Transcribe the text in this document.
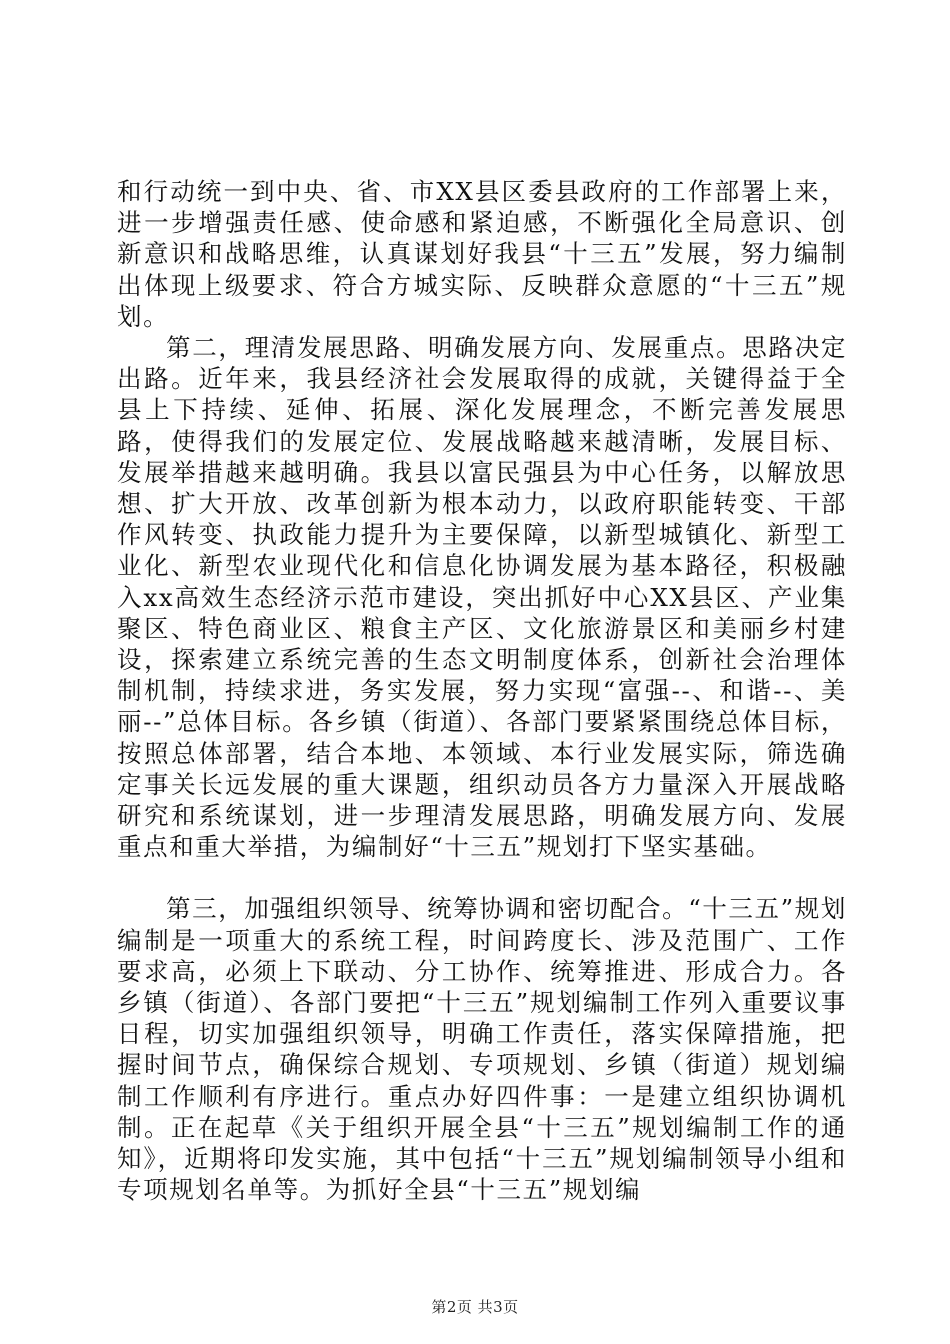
和行动统一到中央、省、市XX县区委县政府的工作部署上来，进一步增强责任感、使命感和紧迫感，不断强化全局意识、创新意识和战略思维，认真谋划好我县“十三五”发展，努力编制出体现上级要求、符合方城实际、反映群众意愿的“十三五”规划。

第二，理清发展思路、明确发展方向、发展重点。思路决定出路。近年来，我县经济社会发展取得的成就，关键得益于全县上下持续、延伸、拓展、深化发展理念，不断完善发展思路，使得我们的发展定位、发展战略越来越清晰，发展目标、发展举措越来越明确。我县以富民强县为中心任务，以解放思想、扩大开放、改革创新为根本动力，以政府职能转变、干部作风转变、执政能力提升为主要保障，以新型城镇化、新型工业化、新型农业现代化和信息化协调发展为基本路径，积极融入xx高效生态经济示范市建设，突出抓好中心XX县区、产业集聚区、特色商业区、粮食主产区、文化旅游景区和美丽乡村建设，探索建立系统完善的生态文明制度体系，创新社会治理体制机制，持续求进，务实发展，努力实现“富强--、和谐--、美丽--”总体目标。各乡镇（街道）、各部门要紧紧围绕总体目标，按照总体部署，结合本地、本领域、本行业发展实际，筛选确定事关长远发展的重大课题，组织动员各方力量深入开展战略研究和系统谋划，进一步理清发展思路，明确发展方向、发展重点和重大举措，为编制好“十三五”规划打下坚实基础。

第三，加强组织领导、统筹协调和密切配合。“十三五”规划编制是一项重大的系统工程，时间跨度长、涉及范围广、工作要求高，必须上下联动、分工协作、统筹推进、形成合力。各乡镇（街道）、各部门要把“十三五”规划编制工作列入重要议事日程，切实加强组织领导，明确工作责任，落实保障措施，把握时间节点，确保综合规划、专项规划、乡镇（街道）规划编制工作顺利有序进行。重点办好四件事：一是建立组织协调机制。正在起草《关于组织开展全县“十三五”规划编制工作的通知》，近期将印发实施，其中包括“十三五”规划编制领导小组和专项规划名单等。为抓好全县“十三五”规划编

第2页 共3页
